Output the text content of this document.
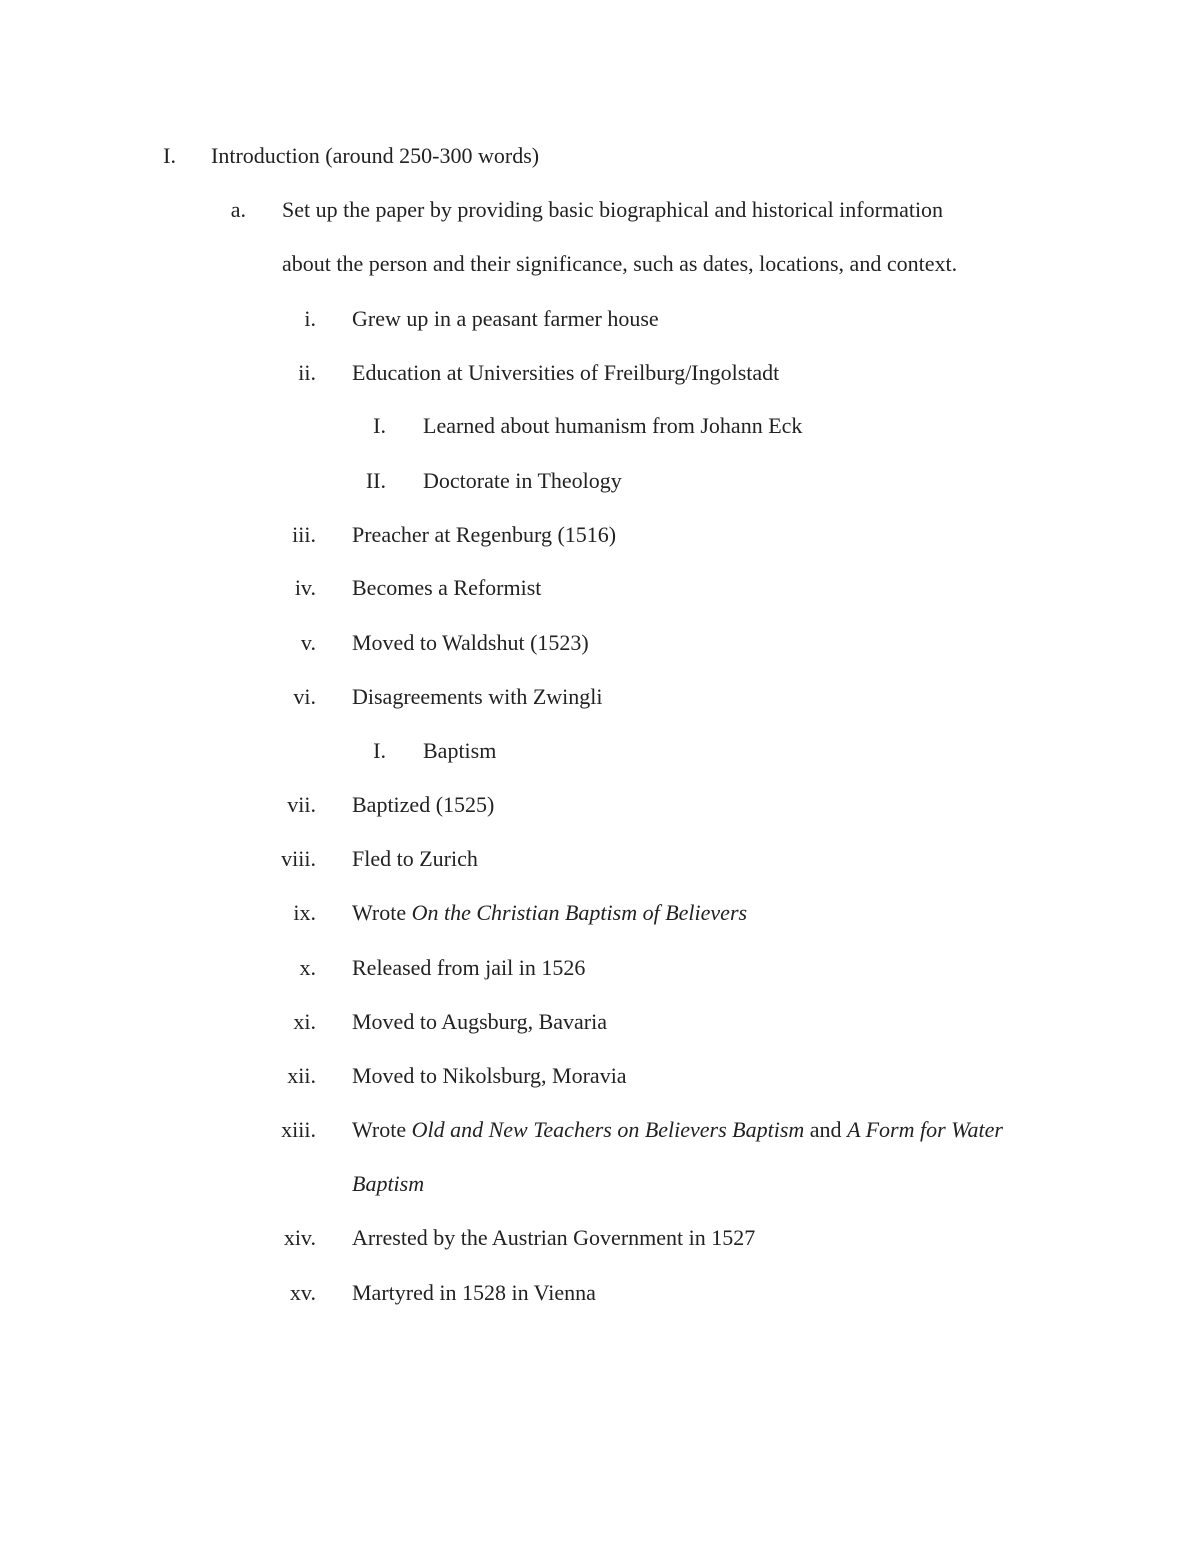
I. Introduction (around 250-300 words)
a. Set up the paper by providing basic biographical and historical information
about the person and their significance, such as dates, locations, and context.
i. Grew up in a peasant farmer house
ii. Education at Universities of Freilburg/Ingolstadt
I. Learned about humanism from Johann Eck
II. Doctorate in Theology
iii. Preacher at Regenburg (1516)
iv. Becomes a Reformist
v. Moved to Waldshut (1523)
vi. Disagreements with Zwingli
I. Baptism
vii. Baptized (1525)
viii. Fled to Zurich
ix. Wrote On the Christian Baptism of Believers
x. Released from jail in 1526
xi. Moved to Augsburg, Bavaria
xii. Moved to Nikolsburg, Moravia
xiii. Wrote Old and New Teachers on Believers Baptism and A Form for Water
Baptism
xiv. Arrested by the Austrian Government in 1527
xv. Martyred in 1528 in Vienna
